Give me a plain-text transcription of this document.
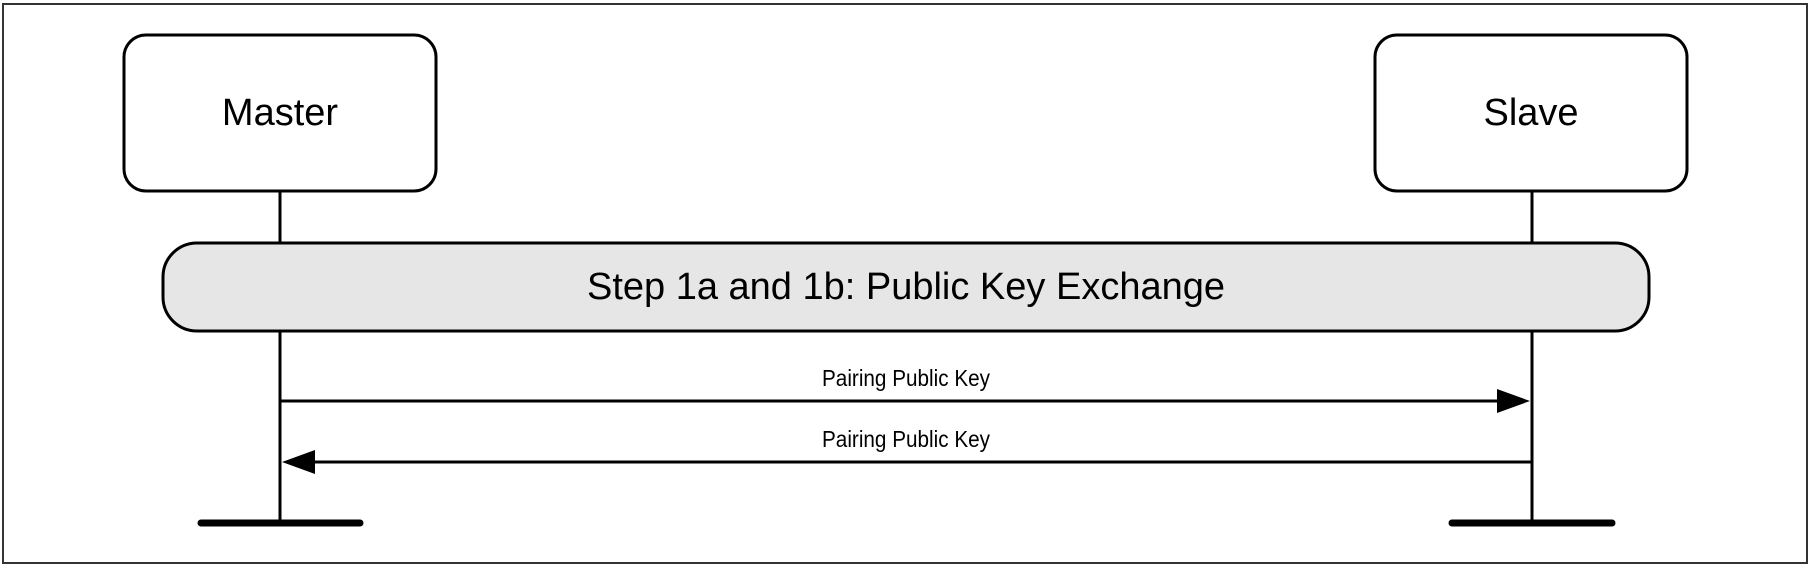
Master	Slave
Step 1a and 1b: Public Key Exchange
Pairing Public Key
Pairing Public Key
